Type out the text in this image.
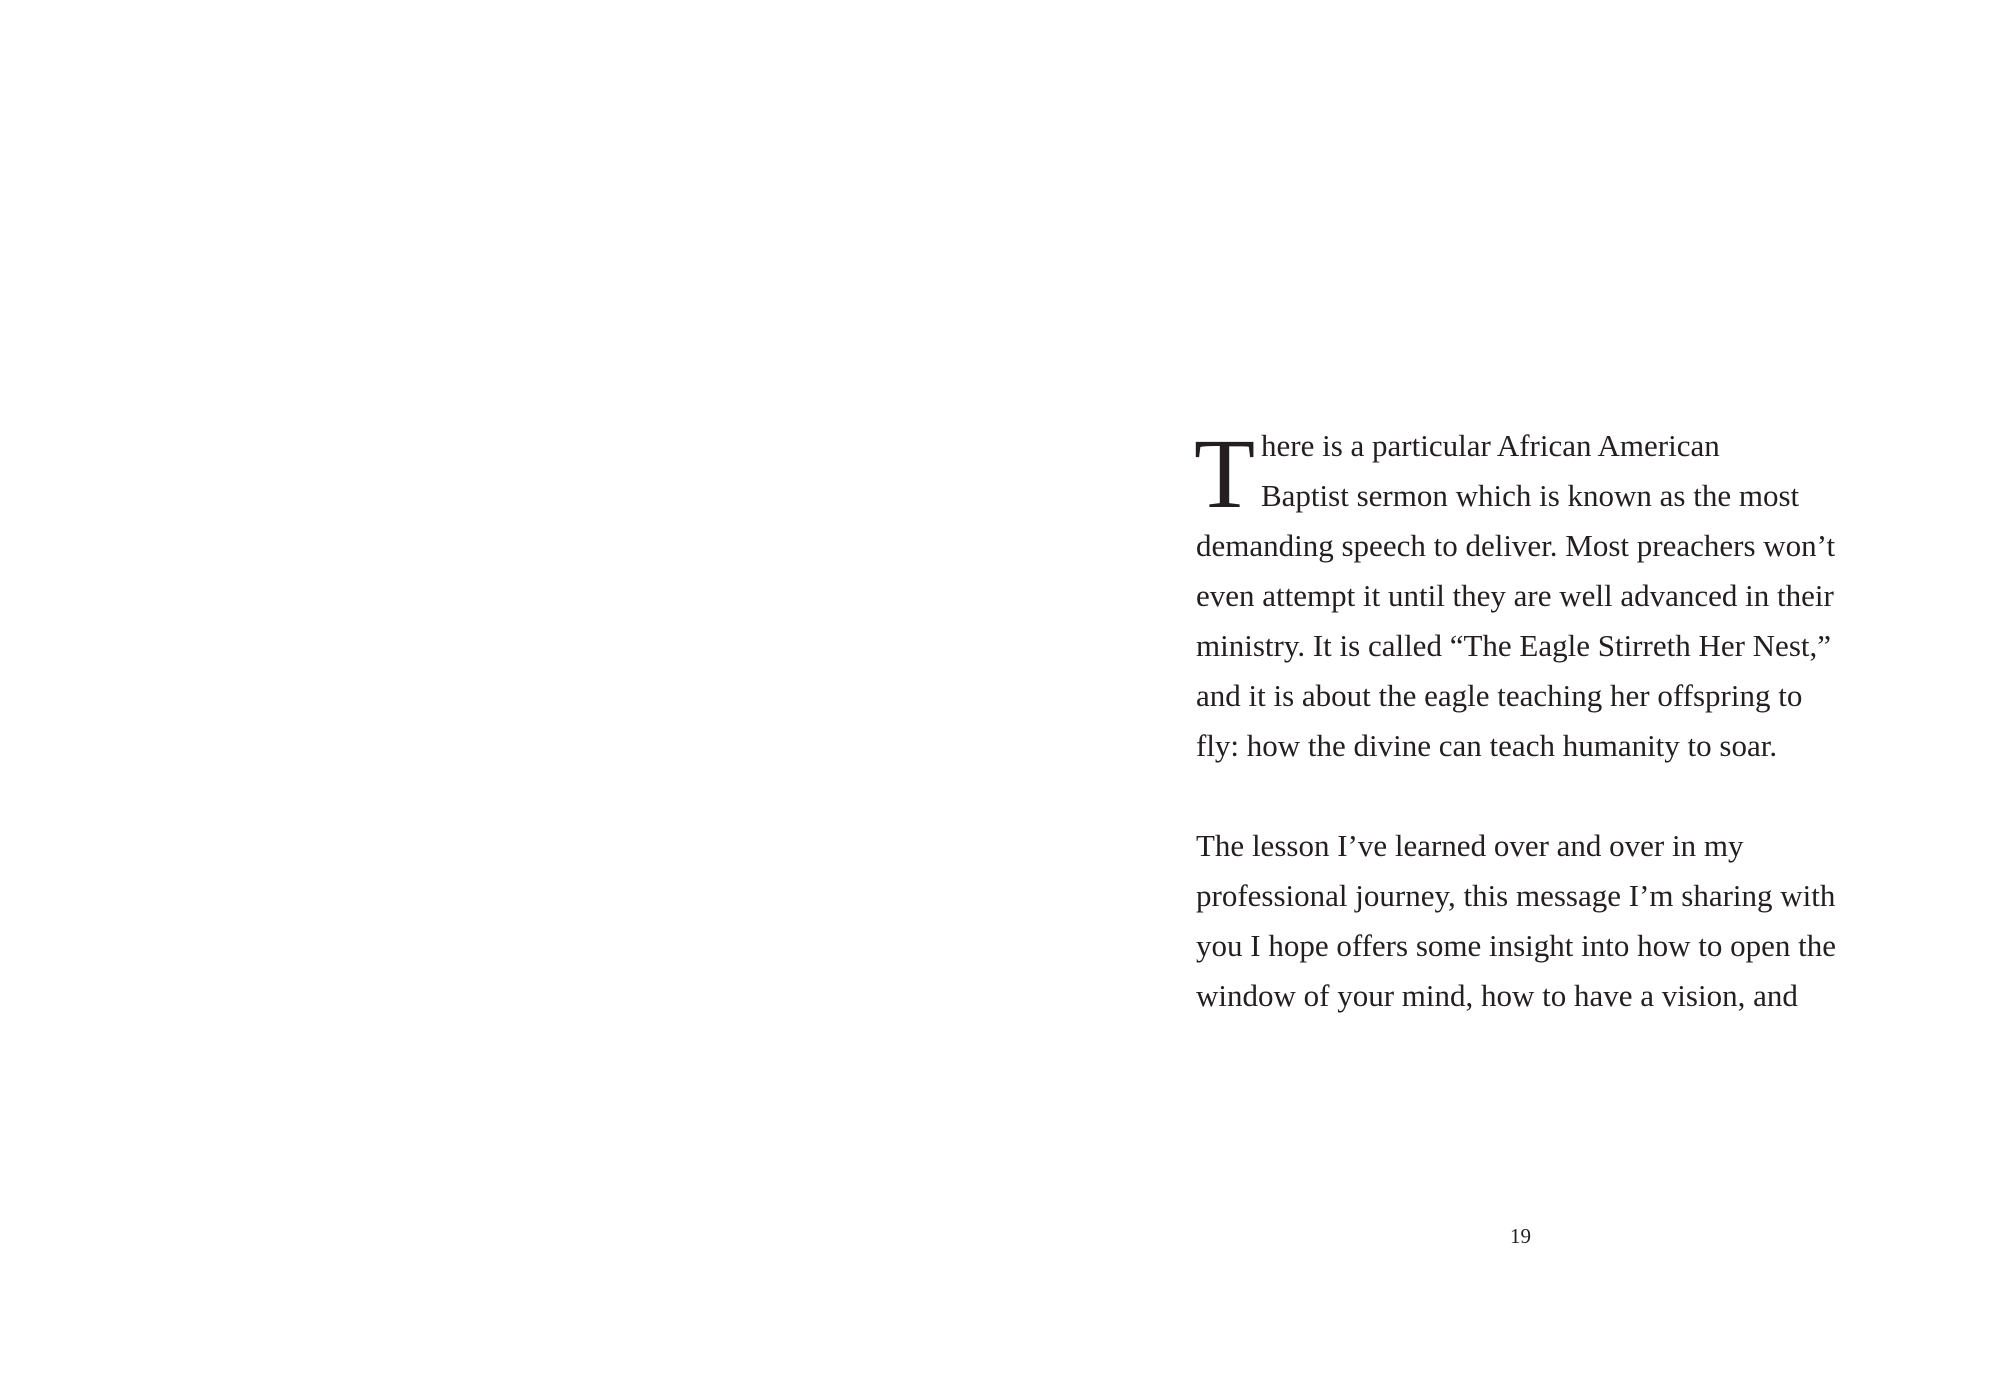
T here is a particular African American
Baptist sermon which is known as the most
demanding speech to deliver. Most preachers won’t
even attempt it until they are well advanced in their
ministry. It is called “The Eagle Stirreth Her Nest,”
and it is about the eagle teaching her offspring to
fly: how the divine can teach humanity to soar.
The lesson I’ve learned over and over in my
professional journey, this message I’m sharing with
you I hope offers some insight into how to open the
window of your mind, how to have a vision, and
19
